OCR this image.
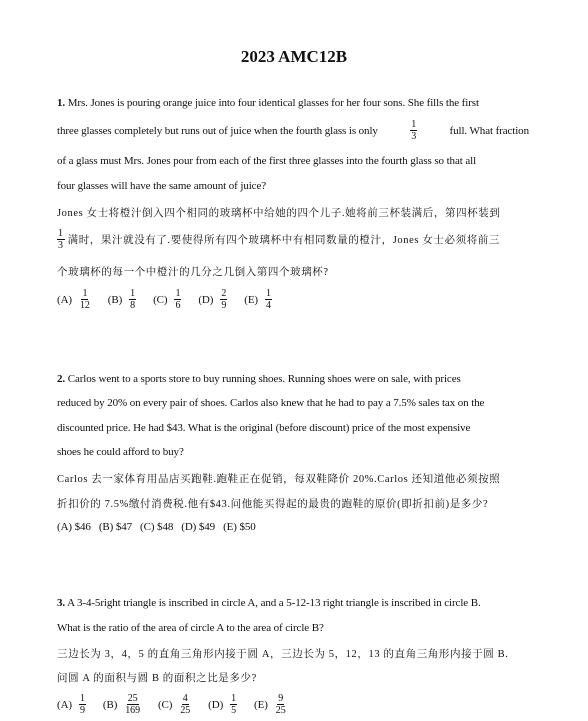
2023 AMC12B
1. Mrs. Jones is pouring orange juice into four identical glasses for her four sons. She fills the first
three glasses completely but runs out of juice when the fourth glass is only	$\frac{1}{3}$	full. What fraction
of a glass must Mrs. Jones pour from each of the first three glasses into the fourth glass so that all
four glasses will have the same amount of juice?
Jones 女士将橙汁倒入四个相同的玻璃杯中给她的四个儿子.她将前三杯装满后，第四杯装到
$\frac{1}{3}$ 满时，果汁就没有了.要使得所有四个玻璃杯中有相同数量的橙汁，Jones 女士必须将前三
个玻璃杯的每一个中橙汁的几分之几倒入第四个玻璃杯?
$(A) \frac{1}{12} (B) \frac{1}{8} (C) \frac{1}{6} (D) \frac{2}{9} (E) \frac{1}{4}$
2. Carlos went to a sports store to buy running shoes. Running shoes were on sale, with prices
reduced by 20% on every pair of shoes. Carlos also knew that he had to pay a 7.5% sales tax on the
discounted price. He had $43. What is the original (before discount) price of the most expensive
shoes he could afford to buy?
Carlos 去一家体育用品店买跑鞋.跑鞋正在促销，每双鞋降价 20%.Carlos 还知道他必须按照
折扣价的 7.5%缴付消费税.他有$43.问他能买得起的最贵的跑鞋的原价(即折扣前)是多少?
(A) $46 (B) $47 (C) $48 (D) $49 (E) $50
3. A 3-4-5right triangle is inscribed in circle A, and a 5-12-13 right triangle is inscribed in circle B.
What is the ratio of the area of circle A to the area of circle B?
三边长为 3，4，5 的直角三角形内接于圆 A，三边长为 5，12，13 的直角三角形内接于圆 B.
问圆 A 的面积与圆 B 的面积之比是多少?
$(A) \frac{1}{9} (B) \frac{25}{169} (C) \frac{4}{25} (D) \frac{1}{5} (E) \frac{9}{25}$
